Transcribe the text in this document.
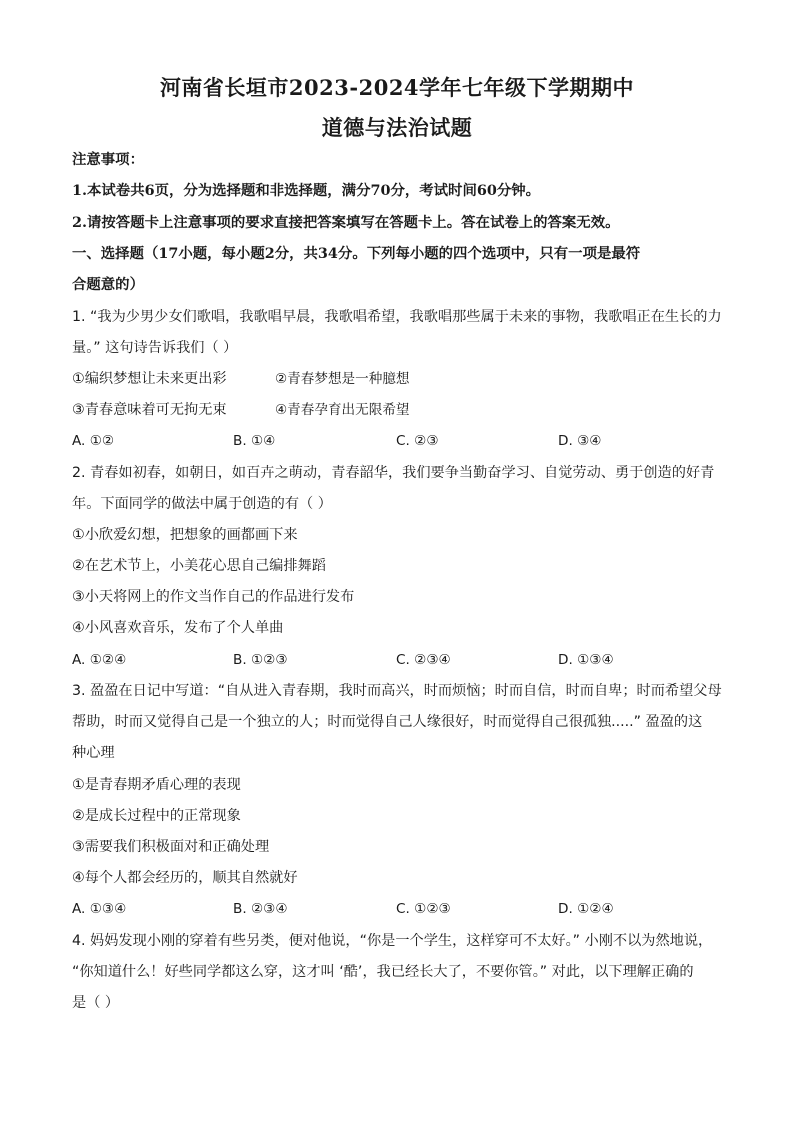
河南省长垣市2023-2024学年七年级下学期期中
道德与法治试题
注意事项：
1.本试卷共6页，分为选择题和非选择题，满分70分，考试时间60分钟。
2.请按答题卡上注意事项的要求直接把答案填写在答题卡上。答在试卷上的答案无效。
一、选择题（17小题，每小题2分，共34分。下列每小题的四个选项中，只有一项是最符
合题意的）
1. “我为少男少女们歌唱，我歌唱早晨，我歌唱希望，我歌唱那些属于未来的事物，我歌唱正在生长的力
量。” 这句诗告诉我们（ ）
①编织梦想让未来更出彩	②青春梦想是一种臆想
③青春意味着可无拘无束	④青春孕育出无限希望
A. ①②	B. ①④	C. ②③	D. ③④
2. 青春如初春，如朝日，如百卉之萌动，青春韶华，我们要争当勤奋学习、自觉劳动、勇于创造的好青
年。下面同学的做法中属于创造的有（ ）
①小欣爱幻想，把想象的画都画下来
②在艺术节上，小美花心思自己编排舞蹈
③小天将网上的作文当作自己的作品进行发布
④小风喜欢音乐，发布了个人单曲
A. ①②④	B. ①②③	C. ②③④	D. ①③④
3. 盈盈在日记中写道：“自从进入青春期，我时而高兴，时而烦恼；时而自信，时而自卑；时而希望父母
帮助，时而又觉得自己是一个独立的人；时而觉得自己人缘很好，时而觉得自己很孤独.....” 盈盈的这
种心理
①是青春期矛盾心理的表现
②是成长过程中的正常现象
③需要我们积极面对和正确处理
④每个人都会经历的，顺其自然就好
A. ①③④	B. ②③④	C. ①②③	D. ①②④
4. 妈妈发现小刚的穿着有些另类，便对他说，“你是一个学生，这样穿可不太好。” 小刚不以为然地说，
“你知道什么！好些同学都这么穿，这才叫 ‘酷’，我已经长大了，不要你管。” 对此，以下理解正确的
是（ ）
